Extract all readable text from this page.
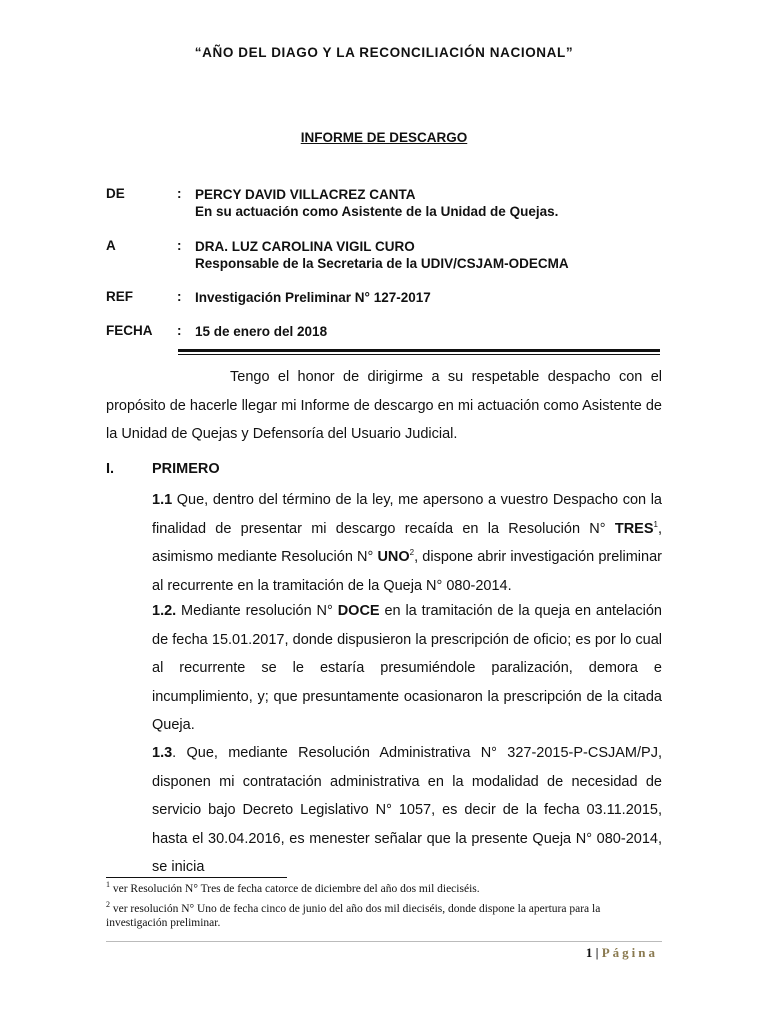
“AÑO DEL DIAGO Y LA RECONCILIACIÓN NACIONAL”
INFORME DE DESCARGO
DE	: PERCY DAVID VILLACREZ CANTA
En su actuación como Asistente de la Unidad de Quejas.
A	: DRA. LUZ CAROLINA VIGIL CURO
Responsable de la Secretaria de la UDIV/CSJAM-ODECMA
REF	: Investigación Preliminar N° 127-2017
FECHA : 15 de enero del 2018
Tengo el honor de dirigirme a su respetable despacho con el propósito de hacerle llegar mi Informe de descargo en mi actuación como Asistente de la Unidad de Quejas y Defensoría del Usuario Judicial.
I.	PRIMERO
1.1 Que, dentro del término de la ley, me apersono a vuestro Despacho con la finalidad de presentar mi descargo recaída en la Resolución N° TRES$^1$, asimismo mediante Resolución N° UNO$^2$, dispone abrir investigación preliminar al recurrente en la tramitación de la Queja N° 080-2014.
1.2. Mediante resolución N° DOCE en la tramitación de la queja en antelación de fecha 15.01.2017, donde dispusieron la prescripción de oficio; es por lo cual al recurrente se le estaría presumiéndole paralización, demora e incumplimiento, y; que presuntamente ocasionaron la prescripción de la citada Queja.
1.3. Que, mediante Resolución Administrativa N° 327-2015-P-CSJAM/PJ, disponen mi contratación administrativa en la modalidad de necesidad de servicio bajo Decreto Legislativo N° 1057, es decir de la fecha 03.11.2015, hasta el 30.04.2016, es menester señalar que la presente Queja N° 080-2014, se inicia
$^1$ ver Resolución N° Tres de fecha catorce de diciembre del año dos mil dieciséis.
$^2$ ver resolución N° Uno de fecha cinco de junio del año dos mil dieciséis, donde dispone la apertura para la investigación preliminar.
1 | Página
